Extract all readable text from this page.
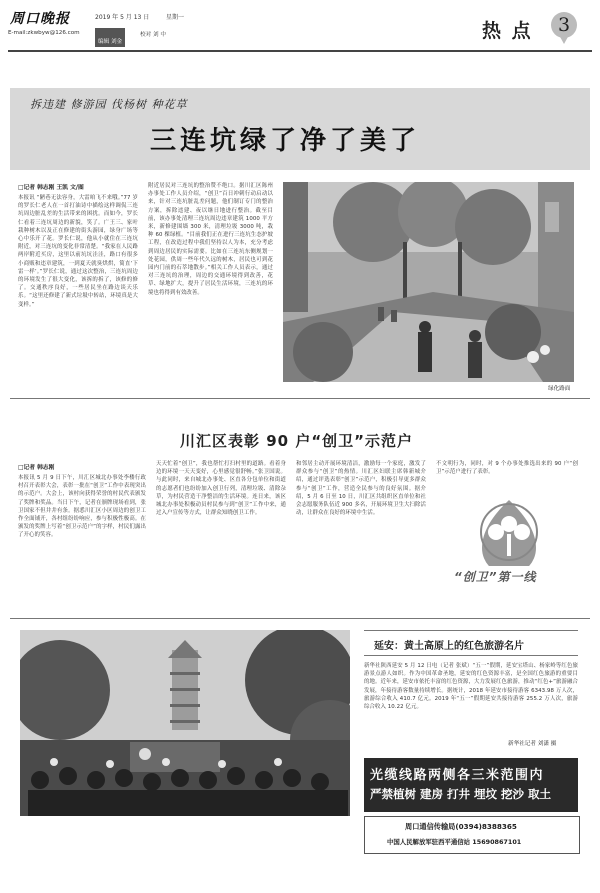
周口晚报	2019 年 5 月 13 日	星期一
E-mail:zkwbyw@126.com
编辑 刘金
校对 刘 中	热 点	3
拆违建 修游园 伐杨树 种花草
三连坑绿了净了美了
□记者 韩志刚 王凯 文/图
本报讯 “陋巷无法容身，大雷咱飞不来哦。”77 岁的罗长仁老人在一首打油诗中描绘这样调侃三连坑周边脏乱差的生活带来的困扰。而如今，罗长仁看着三连坑周边的新貌，笑了。广王三、家叶栽种树木以及正在修建的街头游园，绿身广场等心中乐开了花。罗长仁说，他从小就住在三连坑附近，对三连坑的变化非常清楚。“我家在人民路两岸附近买房，这里以前坑坑洼洼，路口有很多小商贩和违章建筑，一到夏天就臭烘烘，简直‘下雷一样’。”罗长仁说，通过这次整治，三连坑周边的环境发生了很大变化，该拆的拆了，该修的修了。交通秩序良好，一些居民坐在路边谈天乐乐。“这里还修建了新式垃圾中转站，环境真是大变样。”
附近居民对三连坑的整治赞不绝口。据川汇区陈州办事处工作人员介绍，“创卫”百日冲刺行动启动以来，针对三连坑脏乱差问题，他们制订专门的整治方案，拆除违建、夜以继日地进行整治。截至目前，该办事处清理三连坑周边违章建筑 1000 平方米，新修建围墙 300 米，清理垃圾 3000 吨，栽种 60 棵绿植。“目前我们正在进行三连坑生态护坡工程，在改造过程中我们坚持以人为本，充分考虑到周边居民的实际需要。比如在三连坑东侧规划一处花园，供周一些年代久远的树木，居民也可到花园内门前的石萃地散步。”相关工作人员表示，通过对三连坑的治理，周边的交通环境得到改善，花草、绿地扩大，提升了居民生活环境，三连坑的环境也将得到有效改善。
绿化路面
川汇区表彰 90 户“创卫”示范户
□记者 韩志刚
本报讯 5 月 9 日下午，川汇区城北办事处李楼行政村召开表彰大会，表彰一批在“创卫”工作中表现突出的示范户。大会上，该村向获得荣誉的村民代表颁发了奖牌和奖品。当日下午，记者在颁牌现场看到，张卫国家不但井井有条。据悉川汇区小区周边的创卫工作全面铺开，各村组纷纷响应，参与积极性极高。在颁发的奖牌上写着“创卫示范户”的字样，村民们露出了开心的笑容。
天天忙着“创卫”，我也帮忙打扫村里的道路。看着身边的环境一天天变好，心里感觉很舒畅。”张卫国说。与此同时，来自城北办事处、区直各分包单位和街道的志愿者们也纷纷加入创卫行列，清理垃圾、清除杂草，为村民营造干净整洁的生活环境。连日来，该区城北办事处积极动员村民参与到“创卫”工作中来，通过入户宣传等方式，让群众知晓创卫工作。
和邻居主动开展环境清洁，激励每一个家庭，激发了群众参与“创卫”的热情。川汇区妇联主席韩新城介绍，通过评选表彰“创卫”示范户，积极引导更多群众参与“创卫”工作，营造全民参与的良好氛围。据介绍，5 月 6 日至 10 日，川汇区共组织区直单位和社会志愿服务队伍近 900 多名，开展环境卫生大扫除活动，让群众在良好的环境中生活。
不文明行为，同时，对 9 个办事处推选出来的 90 户“创卫”示范户进行了表彰。
“创卫”第一线
延安：黄土高原上的红色旅游名片
新华社陕西延安 5 月 12 日电（记者 张斌）“五一”假期，延安宝塔山、杨家岭等红色旅游景点游人如织。作为中国革命圣地，延安的红色资源丰富，是全国红色旅游的重要目的地。近年来，延安市依托丰富的红色资源，大力发展红色旅游，推动“红色+”旅游融合发展，年接待游客数量持续增长。据统计，2018 年延安市接待游客 6343.98 万人次，旅游综合收入 410.7 亿元。2019 年“五一”假期延安共接待游客 255.2 万人次，旅游综合收入 10.22 亿元。
新华社记者 刘潇 摄
光缆线路两侧各三米范围内
严禁植树 建房 打井 埋坟 挖沙 取土
周口通信传输局(0394)8388365
中国人民解放军驻西平通信站 15690867101
